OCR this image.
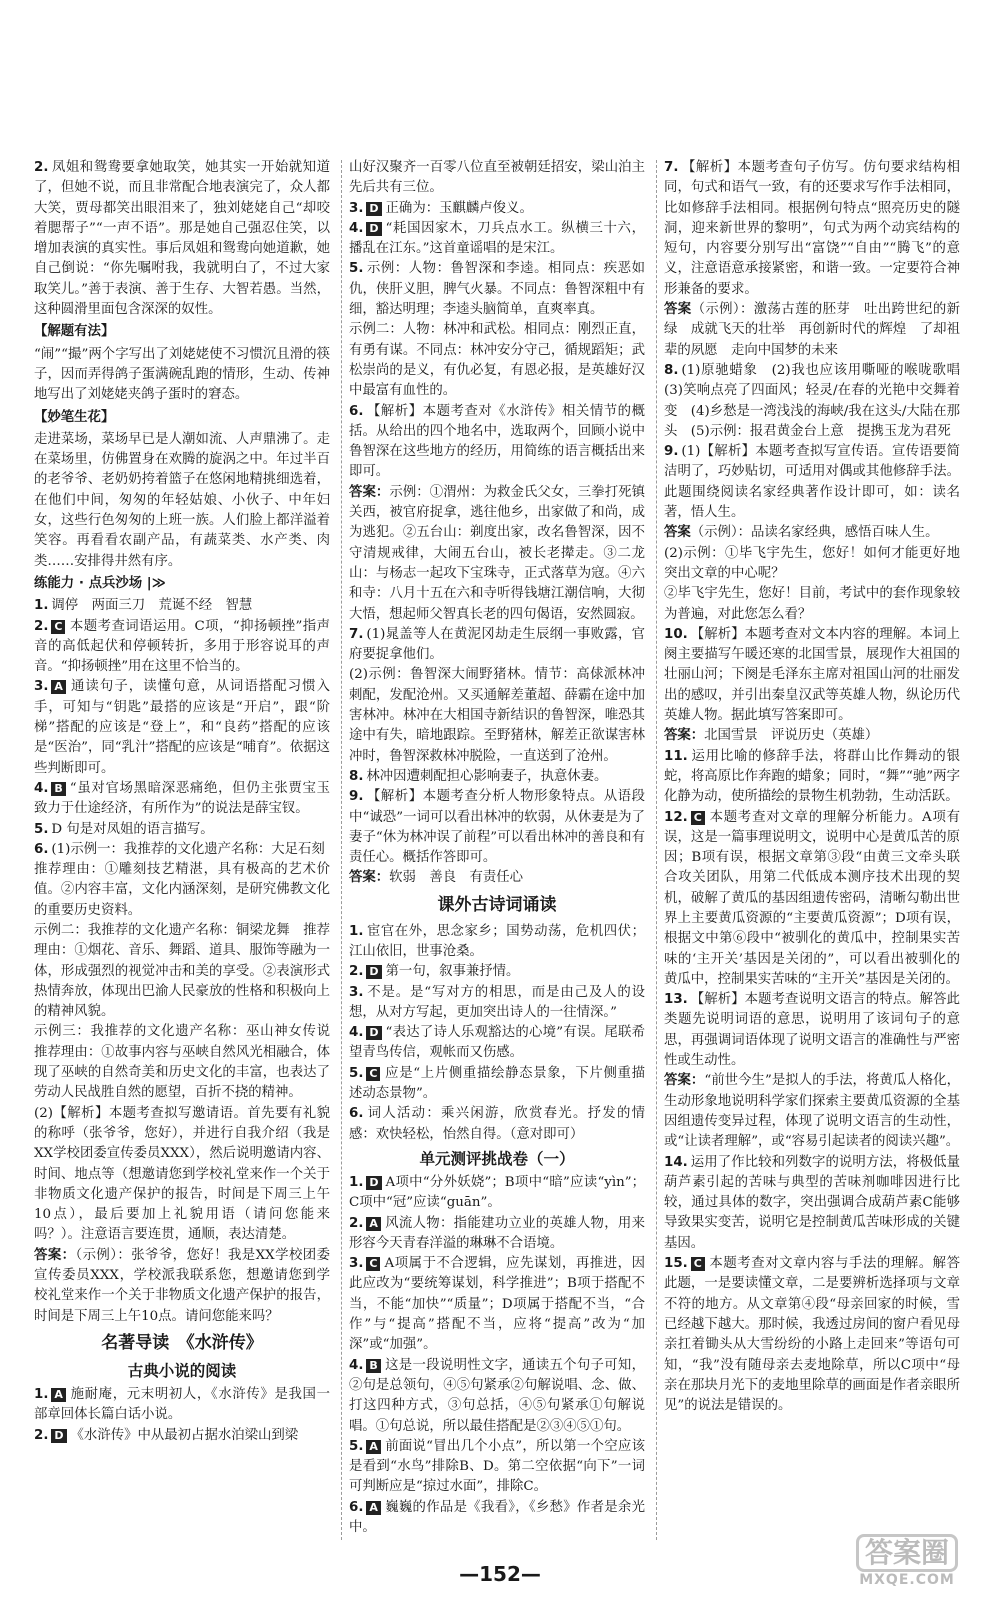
2. 凤姐和鸳鸯要拿她取笑，她其实一开始就知道了，但她不说，而且非常配合地表演完了，众人都大笑，贾母都笑出眼泪来了，独刘姥姥自己“却咬着腮帮子”“一声不语”。那是她自己强忍住笑，以增加表演的真实性。事后凤姐和鸳鸯向她道歉，她自己倒说：“你先嘱咐我，我就明白了，不过大家取笑儿。”善于表演、善于生存、大智若愚。当然，这种圆滑里面包含深深的奴性。
【解题有法】
“闹”“撮”两个字写出了刘姥姥使不习惯沉且滑的筷子，因而弄得鸽子蛋满碗乱跑的情形，生动、传神地写出了刘姥姥夹鸽子蛋时的窘态。
【妙笔生花】
走进菜场，菜场早已是人潮如流、人声鼎沸了。走在菜场里，仿佛置身在欢腾的旋涡之中。年过半百的老爷爷、老奶奶挎着篮子在悠闲地精挑细选着，在他们中间，匆匆的年轻姑娘、小伙子、中年妇女，这些行色匆匆的上班一族。人们脸上都洋溢着笑容。再看看农副产品，有蔬菜类、水产类、肉类……安排得井然有序。
练能力 · 点兵沙场 |≫
1. 调停　两面三刀　荒诞不经　智慧
2. C 本题考查词语运用。C项，“抑扬顿挫”指声音的高低起伏和停顿转折，多用于形容说耳的声音。“抑扬顿挫”用在这里不恰当的。
3. A 通读句子，读懂句意，从词语搭配习惯入手，可知与“钥匙”最搭的应该是“开启”，跟“阶梯”搭配的应该是“登上”，和“良药”搭配的应该是“医治”，同“乳汁”搭配的应该是“哺育”。依据这些判断即可。
4. B “虽对官场黑暗深恶痛绝，但仍主张贾宝玉致力于仕途经济，有所作为”的说法是薛宝钗。
5. D 句是对凤姐的语言描写。
6. (1)示例一：我推荐的文化遗产名称：大足石刻
推荐理由：①雕刻技艺精湛，具有极高的艺术价值。②内容丰富，文化内涵深刻，是研究佛教文化的重要历史资料。
示例二：我推荐的文化遗产名称：铜梁龙舞　推荐理由：①烟花、音乐、舞蹈、道具、服饰等融为一体，形成强烈的视觉冲击和美的享受。②表演形式热情奔放，体现出巴渝人民豪放的性格和积极向上的精神风貌。
示例三：我推荐的文化遗产名称：巫山神女传说　推荐理由：①故事内容与巫峡自然风光相融合，体现了巫峡的自然奇美和历史文化的丰富，也表达了劳动人民战胜自然的愿望，百折不挠的精神。
(2)【解析】本题考查拟写邀请语。首先要有礼貌的称呼（张爷爷，您好），并进行自我介绍（我是XX学校团委宣传委员XXX），然后说明邀请内容、时间、地点等（想邀请您到学校礼堂来作一个关于非物质文化遗产保护的报告，时间是下周三上午10点），最后要加上礼貌用语（请问您能来吗？）。注意语言要连贯，通顺，表达清楚。
答案：（示例）：张爷爷，您好！我是XX学校团委宣传委员XXX，学校派我联系您，想邀请您到学校礼堂来作一个关于非物质文化遗产保护的报告，时间是下周三上午10点。请问您能来吗？
名著导读　《水浒传》
古典小说的阅读
1. A 施耐庵，元末明初人，《水浒传》是我国一部章回体长篇白话小说。
2. D 《水浒传》中从最初占据水泊梁山到梁
山好汉聚齐一百零八位直至被朝廷招安，梁山泊主先后共有三位。
3. D 正确为：玉麒麟卢俊义。
4. D “耗国因家木，刀兵点水工。纵横三十六，播乱在江东。”这首童谣唱的是宋江。
5. 示例：人物：鲁智深和李逵。相同点：疾恶如仇，侠肝义胆，脾气火暴。不同点：鲁智深粗中有细，豁达明理；李逵头脑简单，直爽率真。
示例二：人物：林冲和武松。相同点：刚烈正直，有勇有谋。不同点：林冲安分守己，循规蹈矩；武松崇尚的是义，有仇必复，有恩必报，是英雄好汉中最富有血性的。
6. 【解析】本题考查对《水浒传》相关情节的概括。从给出的四个地名中，选取两个，回顾小说中鲁智深在这些地方的经历，用简练的语言概括出来即可。
答案：示例：①渭州：为救金氏父女，三拳打死镇关西，被官府捉拿，逃往他乡，出家做了和尚，成为逃犯。②五台山：剃度出家，改名鲁智深，因不守清规戒律，大闹五台山，被长老撵走。③二龙山：与杨志一起攻下宝珠寺，正式落草为寇。④六和寺：八月十五在六和寺听得钱塘江潮信响，大彻大悟，想起师父智真长老的四句偈语，安然圆寂。
7. (1)晁盖等人在黄泥冈劫走生辰纲一事败露，官府要捉拿他们。
(2)示例：鲁智深大闹野猪林。情节：高俅派林冲刺配，发配沧州。又买通解差董超、薛霸在途中加害林冲。林冲在大相国寺新结识的鲁智深，唯恐其途中有失，暗地跟踪。至野猪林，解差正欲谋害林冲时，鲁智深救林冲脱险，一直送到了沧州。
8. 林冲因遭刺配担心影响妻子，执意休妻。
9. 【解析】本题考查分析人物形象特点。从语段中“诚恐”一词可以看出林冲的软弱，从休妻是为了妻子“休为林冲误了前程”可以看出林冲的善良和有责任心。概括作答即可。
答案：软弱　善良　有责任心
课外古诗词诵读
1. 宦官在外，思念家乡；国势动荡，危机四伏；江山依旧，世事沧桑。
2. D 第一句，叙事兼抒情。
3. 不是。是“写对方的相思，而是由己及人的设想，从对方写起，更加突出诗人的一往情深。”
4. D “表达了诗人乐观豁达的心境”有误。尾联希望青鸟传信，观帐而又伤感。
5. C 应是“上片侧重描绘静态景象，下片侧重描述动态景物”。
6. 词人活动：乘兴闲游，欣赏春光。抒发的情感：欢快轻松，怡然自得。（意对即可）
单元测评挑战卷（一）
1. D A项中“分外妖娆”；B项中“暗”应读“yìn”；C项中“冠”应读“guān”。
2. A 风流人物：指能建功立业的英雄人物，用来形容今天青春洋溢的琳琳不合语境。
3. C A项属于不合逻辑，应先谋划，再推进，因此应改为“要统筹谋划，科学推进”；B项于搭配不当，不能“加快”“质量”；D项属于搭配不当，“合作”与“提高”搭配不当，应将“提高”改为“加深”或“加强”。
4. B 这是一段说明性文字，通读五个句子可知，②句是总领句，④⑤句紧承②句解说唱、念、做、打这四种方式，③句总括，④⑤句紧承①句解说唱。①句总说，所以最佳搭配是②③④⑤①句。
5. A 前面说“冒出几个小点”，所以第一个空应该是看到“水鸟”排除B、D。第二空依据“向下”一词可判断应是“掠过水面”，排除C。
6. A 巍巍的作品是《我看》，《乡愁》作者是余光中。
7. 【解析】本题考查句子仿写。仿句要求结构相同，句式和语气一致，有的还要求写作手法相同，比如修辞手法相同。根据例句特点“照亮历史的隧洞，迎来新世界的黎明”，句式为两个动宾结构的短句，内容要分别写出“富饶”“自由”“腾飞”的意义，注意语意承接紧密，和谐一致。一定要符合神形兼备的要求。
答案（示例）：激荡古莲的胚芽　吐出跨世纪的新绿　成就飞天的壮举　再创新时代的辉煌　了却祖辈的夙愿　走向中国梦的未来
8. (1)原驰蜡象　(2)我也应该用嘶哑的喉咙歌唱　(3)笑响点亮了四面风；轻灵/在春的光艳中交舞着变　(4)乡愁是一湾浅浅的海峡/我在这头/大陆在那头　(5)示例：报君黄金台上意　提携玉龙为君死
9. (1)【解析】本题考查拟写宣传语。宣传语要简洁明了，巧妙贴切，可适用对偶或其他修辞手法。此题围绕阅读名家经典著作设计即可，如：读名著，悟人生。
答案（示例）：品读名家经典，感悟百味人生。
(2)示例：①毕飞宇先生，您好！如何才能更好地突出文章的中心呢？
②毕飞宇先生，您好！目前，考试中的套作现象较为普遍，对此您怎么看？
10. 【解析】本题考查对文本内容的理解。本词上阕主要描写午暖还寒的北国雪景，展现作大祖国的壮丽山河；下阕是毛泽东主席对祖国山河的壮丽发出的感叹，并引出秦皇汉武等英雄人物，纵论历代英雄人物。据此填写答案即可。
答案：北国雪景　评说历史（英雄）
11. 运用比喻的修辞手法，将群山比作舞动的银蛇，将高原比作奔跑的蜡象；同时，“舞”“驰”两字化静为动，使所描绘的景物生机勃勃，生动活跃。
12. C 本题考查对文章的理解分析能力。A项有误，这是一篇事理说明文，说明中心是黄瓜苦的原因；B项有误，根据文章第③段“由黄三文牵头联合攻关团队，用第二代低成本测序技术出现的契机，破解了黄瓜的基因组遗传密码，清晰勾勒出世界上主要黄瓜资源的“主要黄瓜资源”；D项有误，根据文中第⑥段中“被驯化的黄瓜中，控制果实苦味的‘主开关’基因是关闭的”，可以看出被驯化的黄瓜中，控制果实苦味的“主开关”基因是关闭的。
13. 【解析】本题考查说明文语言的特点。解答此类题先说明词语的意思，说明用了该词句子的意思，再强调词语体现了说明文语言的准确性与严密性或生动性。
答案：“前世今生”是拟人的手法，将黄瓜人格化，生动形象地说明科学家们探索主要黄瓜资源的全基因组遗传变异过程，体现了说明文语言的生动性，或“让读者理解”，或“容易引起读者的阅读兴趣”。
14. 运用了作比较和列数字的说明方法，将极低量葫芦素引起的苦味与典型的苦味剂咖啡因进行比较，通过具体的数字，突出强调合成葫芦素C能够导致果实变苦，说明它是控制黄瓜苦味形成的关键基因。
15. C 本题考查对文章内容与手法的理解。解答此题，一是要读懂文章，二是要辨析选择项与文章不符的地方。从文章第④段“母亲回家的时候，雪已经越下越大。那时候，我透过房间的窗户看见母亲扛着锄头从大雪纷纷的小路上走回来”等语句可知，“我”没有随母亲去麦地除草，所以C项中“母亲在那块月光下的麦地里除草的画面是作者亲眼所见”的说法是错误的。
—152—
答案圈
MXQE.COM
